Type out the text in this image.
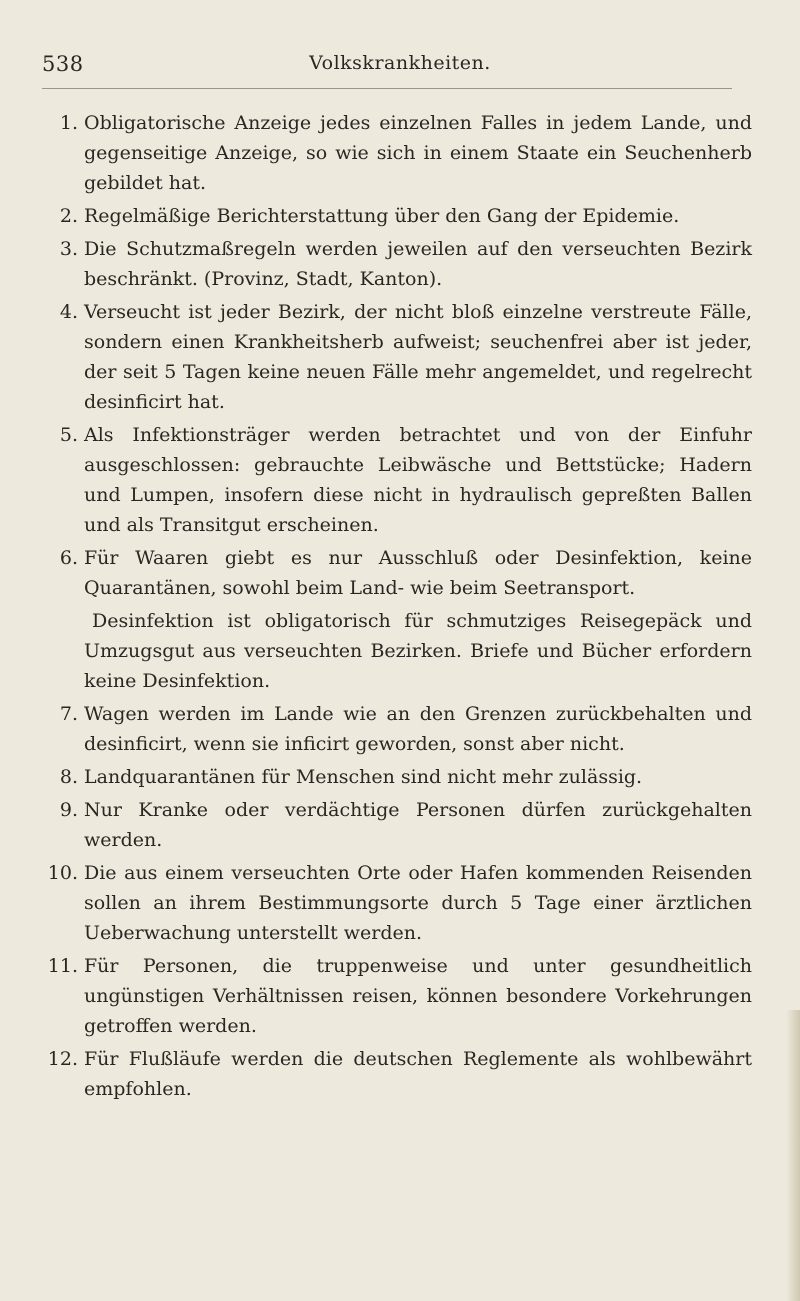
538	Volkskrankheiten.
1. Obligatorische Anzeige jedes einzelnen Falles in jedem Lande, und gegenseitige Anzeige, so wie sich in einem Staate ein Seuchenherb gebildet hat.

2. Regelmäßige Berichterstattung über den Gang der Epidemie.

3. Die Schutzmaßregeln werden jeweilen auf den verseuchten Bezirk beschränkt. (Provinz, Stadt, Kanton).

4. Verseucht ist jeder Bezirk, der nicht bloß einzelne verstreute Fälle, sondern einen Krankheitsherb aufweist; seuchenfrei aber ist jeder, der seit 5 Tagen keine neuen Fälle mehr angemeldet, und regelrecht desinficirt hat.

5. Als Infektionsträger werden betrachtet und von der Einfuhr ausgeschlossen: gebrauchte Leibwäsche und Bettstücke; Hadern und Lumpen, insofern diese nicht in hydraulisch gepreßten Ballen und als Transitgut erscheinen.

6. Für Waaren giebt es nur Ausschluß oder Desinfektion, keine Quarantänen, sowohl beim Land- wie beim Seetransport.

Desinfektion ist obligatorisch für schmutziges Reisegepäck und Umzugsgut aus verseuchten Bezirken. Briefe und Bücher erfordern keine Desinfektion.

7. Wagen werden im Lande wie an den Grenzen zurückbehalten und desinficirt, wenn sie inficirt geworden, sonst aber nicht.

8. Landquarantänen für Menschen sind nicht mehr zulässig.

9. Nur Kranke oder verdächtige Personen dürfen zurückgehalten werden.

10. Die aus einem verseuchten Orte oder Hafen kommenden Reisenden sollen an ihrem Bestimmungsorte durch 5 Tage einer ärztlichen Ueberwachung unterstellt werden.

11. Für Personen, die truppenweise und unter gesundheitlich ungünstigen Verhältnissen reisen, können besondere Vorkehrungen getroffen werden.

12. Für Flußläufe werden die deutschen Reglemente als wohlbewährt empfohlen.
